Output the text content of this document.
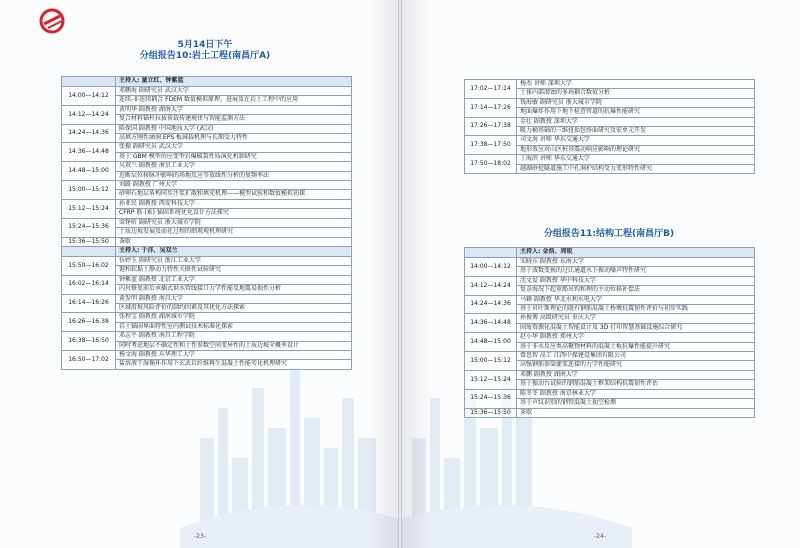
5月14日下午
分组报告10:岩土工程(南昌厅A)
	主持人: 童立红、钟紫蓝
14:00—14:12	邓鹏海 副研究员 武汉大学
	连续-非连续耦合 FDEM 数值模拟原理、进展及在岩土工程中的应用
14:12—14:24	黄明华 副教授 湖南大学
	复合材料锚杆拉拔荷载传递规律与智能监测方法
14:24—14:36	陈保国 副教授 中国地质大学 (武汉)
	高填方刚性涵洞 EPS 板减载机理与长期受力特性
14:36—14:48	张振 副研究员 武汉大学
	基于 GBM 模型的应变型岩爆破裂性质演化机制研究
14:48—15:00	吴双兰 副教授 南京工业大学
	近断层位移脉冲影响的场地反应等效线性分析的复频率法
15:00—15:12	刘路 副教授 广州大学
	砂卵石地层盾构同步注浆扩散和填充机理——模型试验和数值模拟初探
15:12—15:24	孙亚民 副教授 西安科技大学
	CFRP 筋 (索) 锚固系统优化设计方法探究
15:24—15:36	梁铮昕 副研究员 浙大城市学院
	土质边坡发展及弱化过程的细观观机理研究
15:36—15:50	茶歇
	主持人: 于洋、吴双兰
15:50—16:02	伍婷玉 副研究员 浙江工业大学
	饱和软黏土静动力特性关联性试验研究
16:02—16:14	钟紫蓝 副教授 北京工业大学
	内衬修复前后承插式供水管线接口力学性能及地震易损性分析
16:14—16:26	黄发明 副教授 南昌大学
	区域滑坡风险评价的制约因素及其优化方法探索
16:26—16:38	张程宝 副教授 湖南城市学院
	岩土锚固界面特性室内测试技术标准化探索
16:38—16:50	邓志平 副教授 南昌工程学院
	同时考虑地层不确定性和土性参数空间变异性的土质边坡全概率设计
16:50—17:02	杨文海 副教授 东华理工大学
	盐溶液干湿循环作用下玄武岩纤维再生混凝土性能劣化机理研究
-23-
17:02—17:14	杨杰 讲师 深圳大学
	土体内部潜蚀的多场耦合数值分析
17:14—17:26	钱海敏 副研究员 浙大城市学院
	地面爆炸作用下地下检查管道的抗爆性能研究
17:26—17:38	金壮 副教授 深圳大学
	吸力桶基础的三维扭损包络面研究及宏单元开发
17:38—17:50	司文海 讲师 华东交通大学
	地形效应对山区桩基震动响应影响的理论研究
17:50—18:02	丁海滨 讲师 华东交通大学
	越湖砂挖隧道施工中孔洞护结构受力变形特性研究
分组报告11:结构工程(南昌厅B)
	主持人: 金浩、周锐
14:00—14:12	宋晓东 副教授 东南大学
	基于波数变换的过江通道水下振动噪声特性研究
14:12—14:24	沈文爱 副教授 华中科技大学
	复杂海况下起重船吊钩和理的主动位移补偿法
14:24—14:36	马颖 副教授 华北水利水电大学
	基于贝叶斯理论的既有钢筋混凝土桥墩抗震韧性评价与初步实践
14:36—14:48	孙俊博 高级研究员 重庆大学
	固废资源化混凝土智能设计及 3D 打印智慧基础设施综合研究
14:48—15:00	赵小华 副教授 郑州大学
	基于非水反应类高聚物材料的混凝土板抗爆性能提升研究
15:00—15:12	曾思智 高工 江西中煤建设集团有限公司
	高强钢筋套筒灌浆连接的力学性能研究
15:12—15:24	邓鹏 副教授 湖南大学
	基于振动台试验的钢筋混凝土框架结构抗震韧性评估
15:24—15:36	陈冬冬 副教授 南京林业大学
	基于声纹识别的钢管混凝土损空检测
15:36—15:50	茶歇
-24-
